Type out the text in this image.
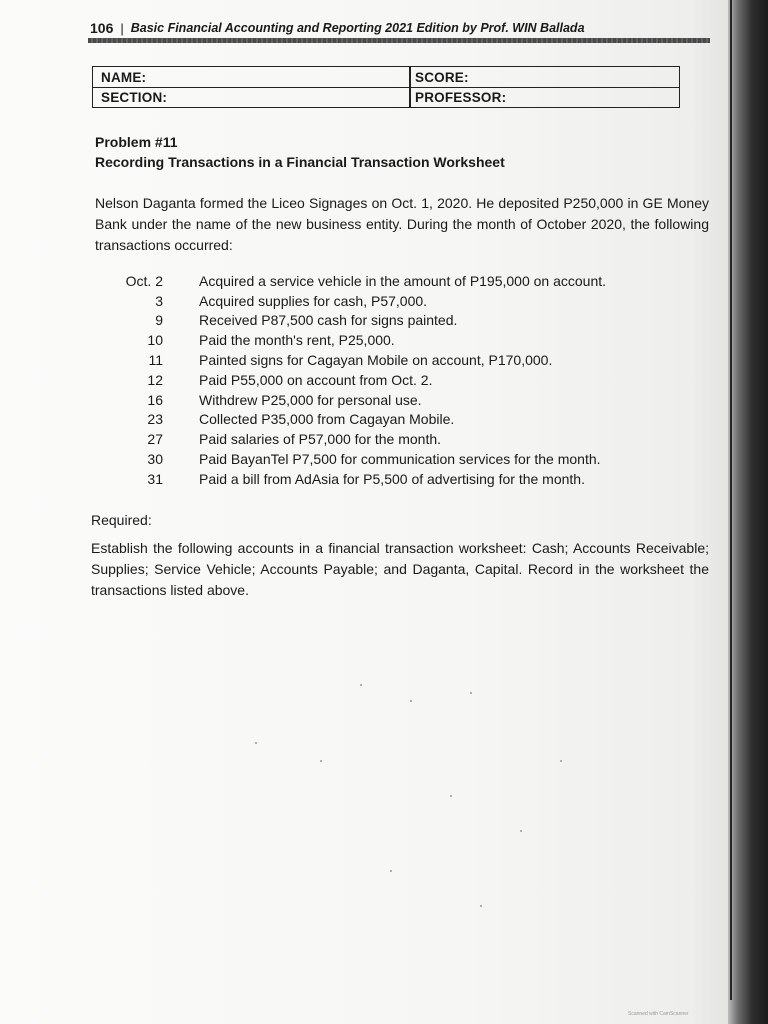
106 | Basic Financial Accounting and Reporting 2021 Edition by Prof. WIN Ballada
NAME:	SCORE:
SECTION:	PROFESSOR:
Problem #11
Recording Transactions in a Financial Transaction Worksheet
Nelson Daganta formed the Liceo Signages on Oct. 1, 2020. He deposited P250,000 in GE Money Bank under the name of the new business entity. During the month of October 2020, the following transactions occurred:
Oct. 2	Acquired a service vehicle in the amount of P195,000 on account.
3	Acquired supplies for cash, P57,000.
9	Received P87,500 cash for signs painted.
10	Paid the month's rent, P25,000.
11	Painted signs for Cagayan Mobile on account, P170,000.
12	Paid P55,000 on account from Oct. 2.
16	Withdrew P25,000 for personal use.
23	Collected P35,000 from Cagayan Mobile.
27	Paid salaries of P57,000 for the month.
30	Paid BayanTel P7,500 for communication services for the month.
31	Paid a bill from AdAsia for P5,500 of advertising for the month.
Required:
Establish the following accounts in a financial transaction worksheet: Cash; Accounts Receivable; Supplies; Service Vehicle; Accounts Payable; and Daganta, Capital. Record in the worksheet the transactions listed above.
Scanned with CamScanner
